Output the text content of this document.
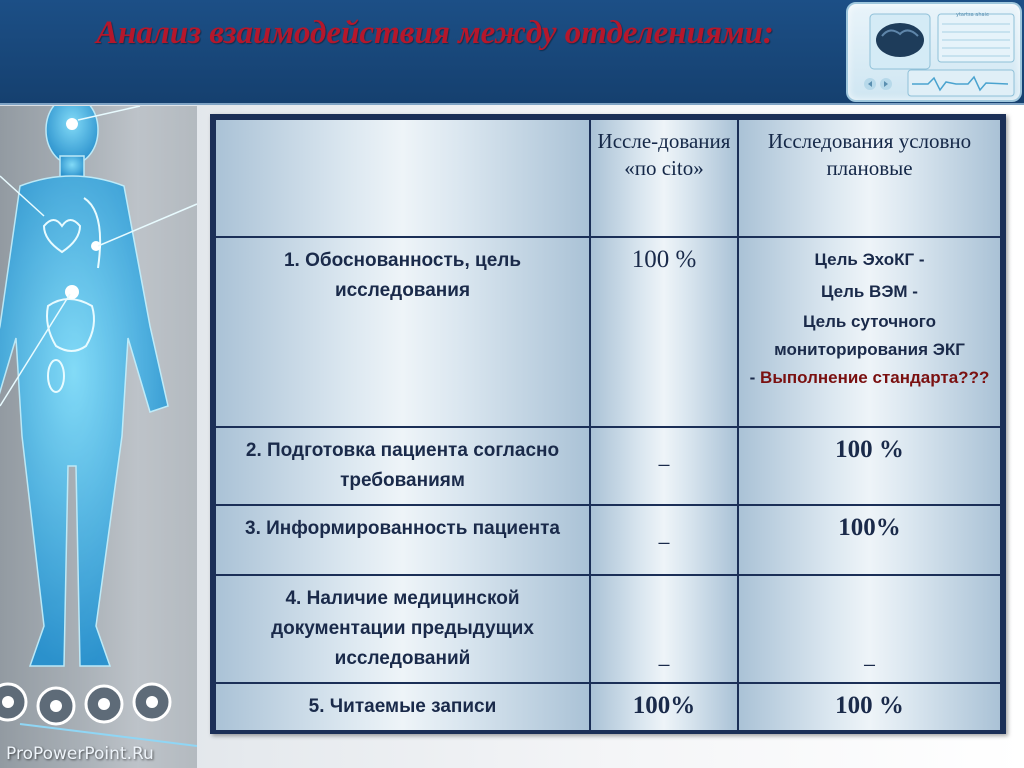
Анализ взаимодействия между отделениями:	ytartsa ahaie
ProPowerPoint.Ru
	Иссле-дования «по cito»	Исследования условно плановые
1. Обоснованность, цель исследования	100 %	Цель ЭхоКГ -
Цель ВЭМ -
Цель суточного мониторирования ЭКГ
- Выполнение стандарта???

2. Подготовка пациента согласно требованиям	_	100 %
3. Информированность пациента	_	100%
4. Наличие медицинской документации предыдущих исследований	_	_
5. Читаемые записи	100%	100 %
